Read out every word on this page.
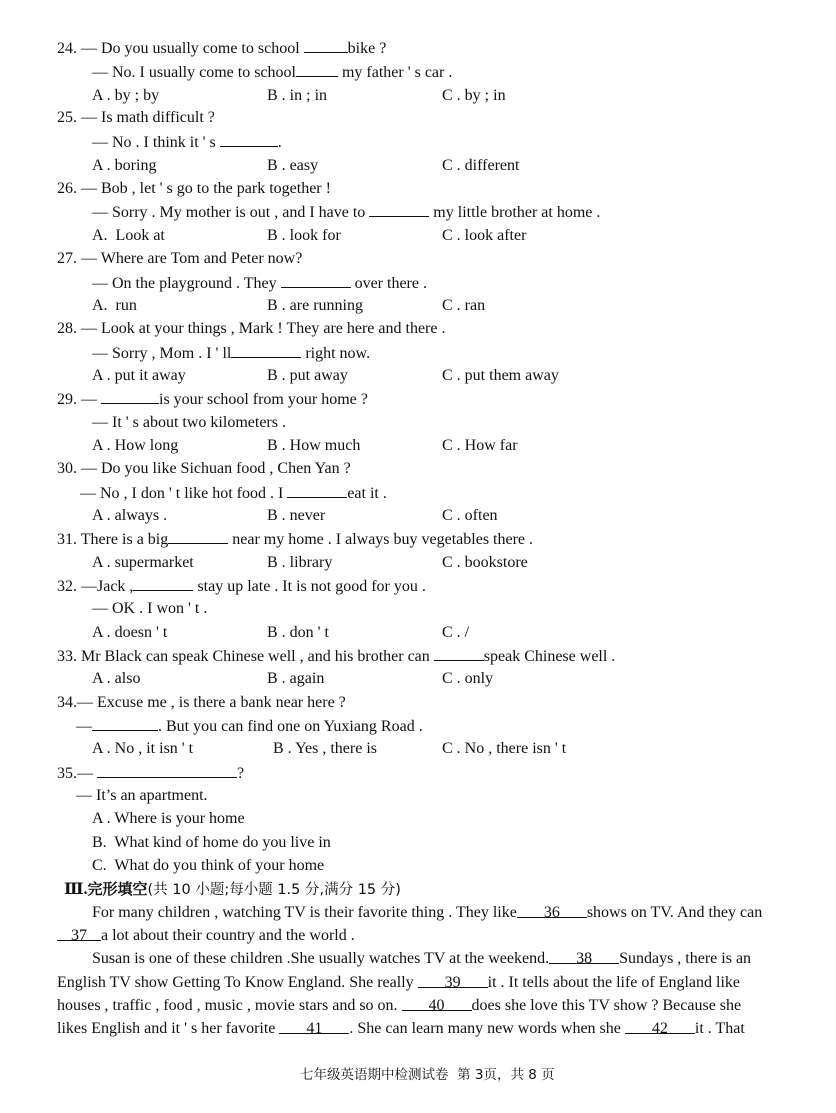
24. — Do you usually come to school	bike ?
— No. I usually come to school	my father ' s car .
A . by ; by	B . in ; in	C . by ; in
25. — Is math difficult ?
— No . I think it ' s	.
A . boring	B . easy	C . different
26. — Bob , let ' s go to the park together !
— Sorry . My mother is out , and I have to	my little brother at home .
A.  Look at	B . look for	C . look after
27. — Where are Tom and Peter now?
— On the playground . They	over there .
A.  run	B . are running	C . ran
28. — Look at your things , Mark ! They are here and there .
— Sorry , Mom . I ' ll	right now.
A . put it away	B . put away	C . put them away
29. —	is your school from your home ?
— It ' s about two kilometers .
A . How long	B . How much	C . How far
30. — Do you like Sichuan food , Chen Yan ?
— No , I don ' t like hot food . I	eat it .
A . always .	B . never	C . often
31. There is a big	near my home . I always buy vegetables there .
A . supermarket	B . library	C . bookstore
32. —Jack ,	stay up late . It is not good for you .
— OK . I won ' t .
A . doesn ' t	B . don ' t	C . /
33. Mr Black can speak Chinese well , and his brother can	speak Chinese well .
A . also	B . again	C . only
34.— Excuse me , is there a bank near here ?
—	. But you can find one on Yuxiang Road .
A . No , it isn ' t	B . Yes , there is	C . No , there isn ' t
35.—	?
— It’s an apartment.
A . Where is your home
B.  What kind of home do you live in
C.  What do you think of your home
Ⅲ.完形填空(共 10 小题;每小题 1.5 分,满分 15 分)
For many children , watching TV is their favorite thing . They like 36 shows on TV. And they can
37 a lot about their country and the world .
Susan is one of these children .She usually watches TV at the weekend. 38 Sundays , there is an
English TV show Getting To Know England. She really 39 it . It tells about the life of England like
houses , traffic , food , music , movie stars and so on. 40 does she love this TV show ? Because she
likes English and it ' s her favorite 41 . She can learn many new words when she 42 it . That
七年级英语期中检测试卷  第 3页，共 8 页
